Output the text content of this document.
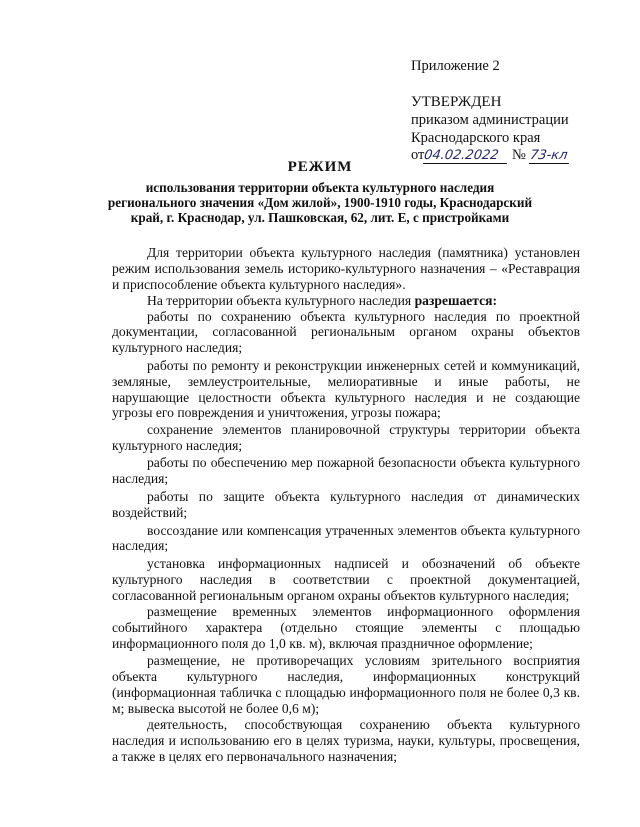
Приложение 2
УТВЕРЖДЕН
приказом администрации
Краснодарского края
от04.02.2022 № 73-кл
РЕЖИМ
использования территории объекта культурного наследия
регионального значения «Дом жилой», 1900-1910 годы, Краснодарский
край, г. Краснодар, ул. Пашковская, 62, лит. Е, с пристройками

Для территории объекта культурного наследия (памятника) установлен режим использования земель историко-культурного назначения – «Реставрация и приспособление объекта культурного наследия».

На территории объекта культурного наследия разрешается:

работы по сохранению объекта культурного наследия по проектной документации, согласованной региональным органом охраны объектов культурного наследия;

работы по ремонту и реконструкции инженерных сетей и коммуникаций, земляные, землеустроительные, мелиоративные и иные работы, не нарушающие целостности объекта культурного наследия и не создающие угрозы его повреждения и уничтожения, угрозы пожара;

сохранение элементов планировочной структуры территории объекта культурного наследия;

работы по обеспечению мер пожарной безопасности объекта культурного наследия;

работы по защите объекта культурного наследия от динамических воздействий;

воссоздание или компенсация утраченных элементов объекта культурного наследия;

установка информационных надписей и обозначений об объекте культурного наследия в соответствии с проектной документацией, согласованной региональным органом охраны объектов культурного наследия;

размещение временных элементов информационного оформления событийного характера (отдельно стоящие элементы с площадью информационного поля до 1,0 кв. м), включая праздничное оформление;

размещение, не противоречащих условиям зрительного восприятия объекта культурного наследия, информационных конструкций (информационная табличка с площадью информационного поля не более 0,3 кв. м; вывеска высотой не более 0,6 м);

деятельность, способствующая сохранению объекта культурного наследия и использованию его в целях туризма, науки, культуры, просвещения, а также в целях его первоначального назначения;
